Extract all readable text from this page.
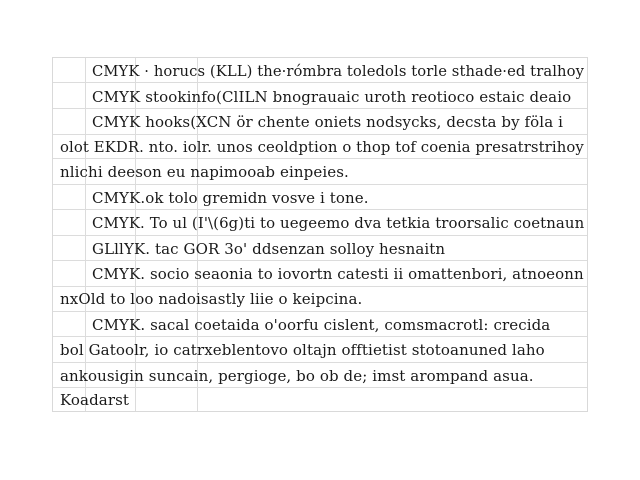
CMYK · horucs (KLL) the·rómbra toledols torle sthade·ed tralhoy
CMYK stookinfo(ClILN bnograuaic uroth reotioco estaic deaio
CMYK hooks(XCN ör chente oniets nodsycks, decsta by föla i
olot EKDR. nto. iolr. unos ceoldption o thop tof coenia presatrstrihoy
nlichi deeson eu napimooab einpeies.
CMYK.ok tolo gremidn vosve i tone.
CMYK. To ul (I'\(6g)ti to uegeemo dva tetkia troorsalic coetnaun
GLllYK. tac GOR 3o' ddsenzan solloy hesnaitn
CMYK. socio seaonia to iovortn catesti ii omattenbori, atnoeonn
nxOld to loo nadoisastly liie o keipcina.
CMYK. sacal coetaida o'oorfu cislent, comsmacrotl: crecida
bol Gatoolr, io catrxeblentovo oltajn offtietist stotoanuned laho
ankousigin suncain, pergioge, bo ob de; imst arompand asua.
Koadarst
